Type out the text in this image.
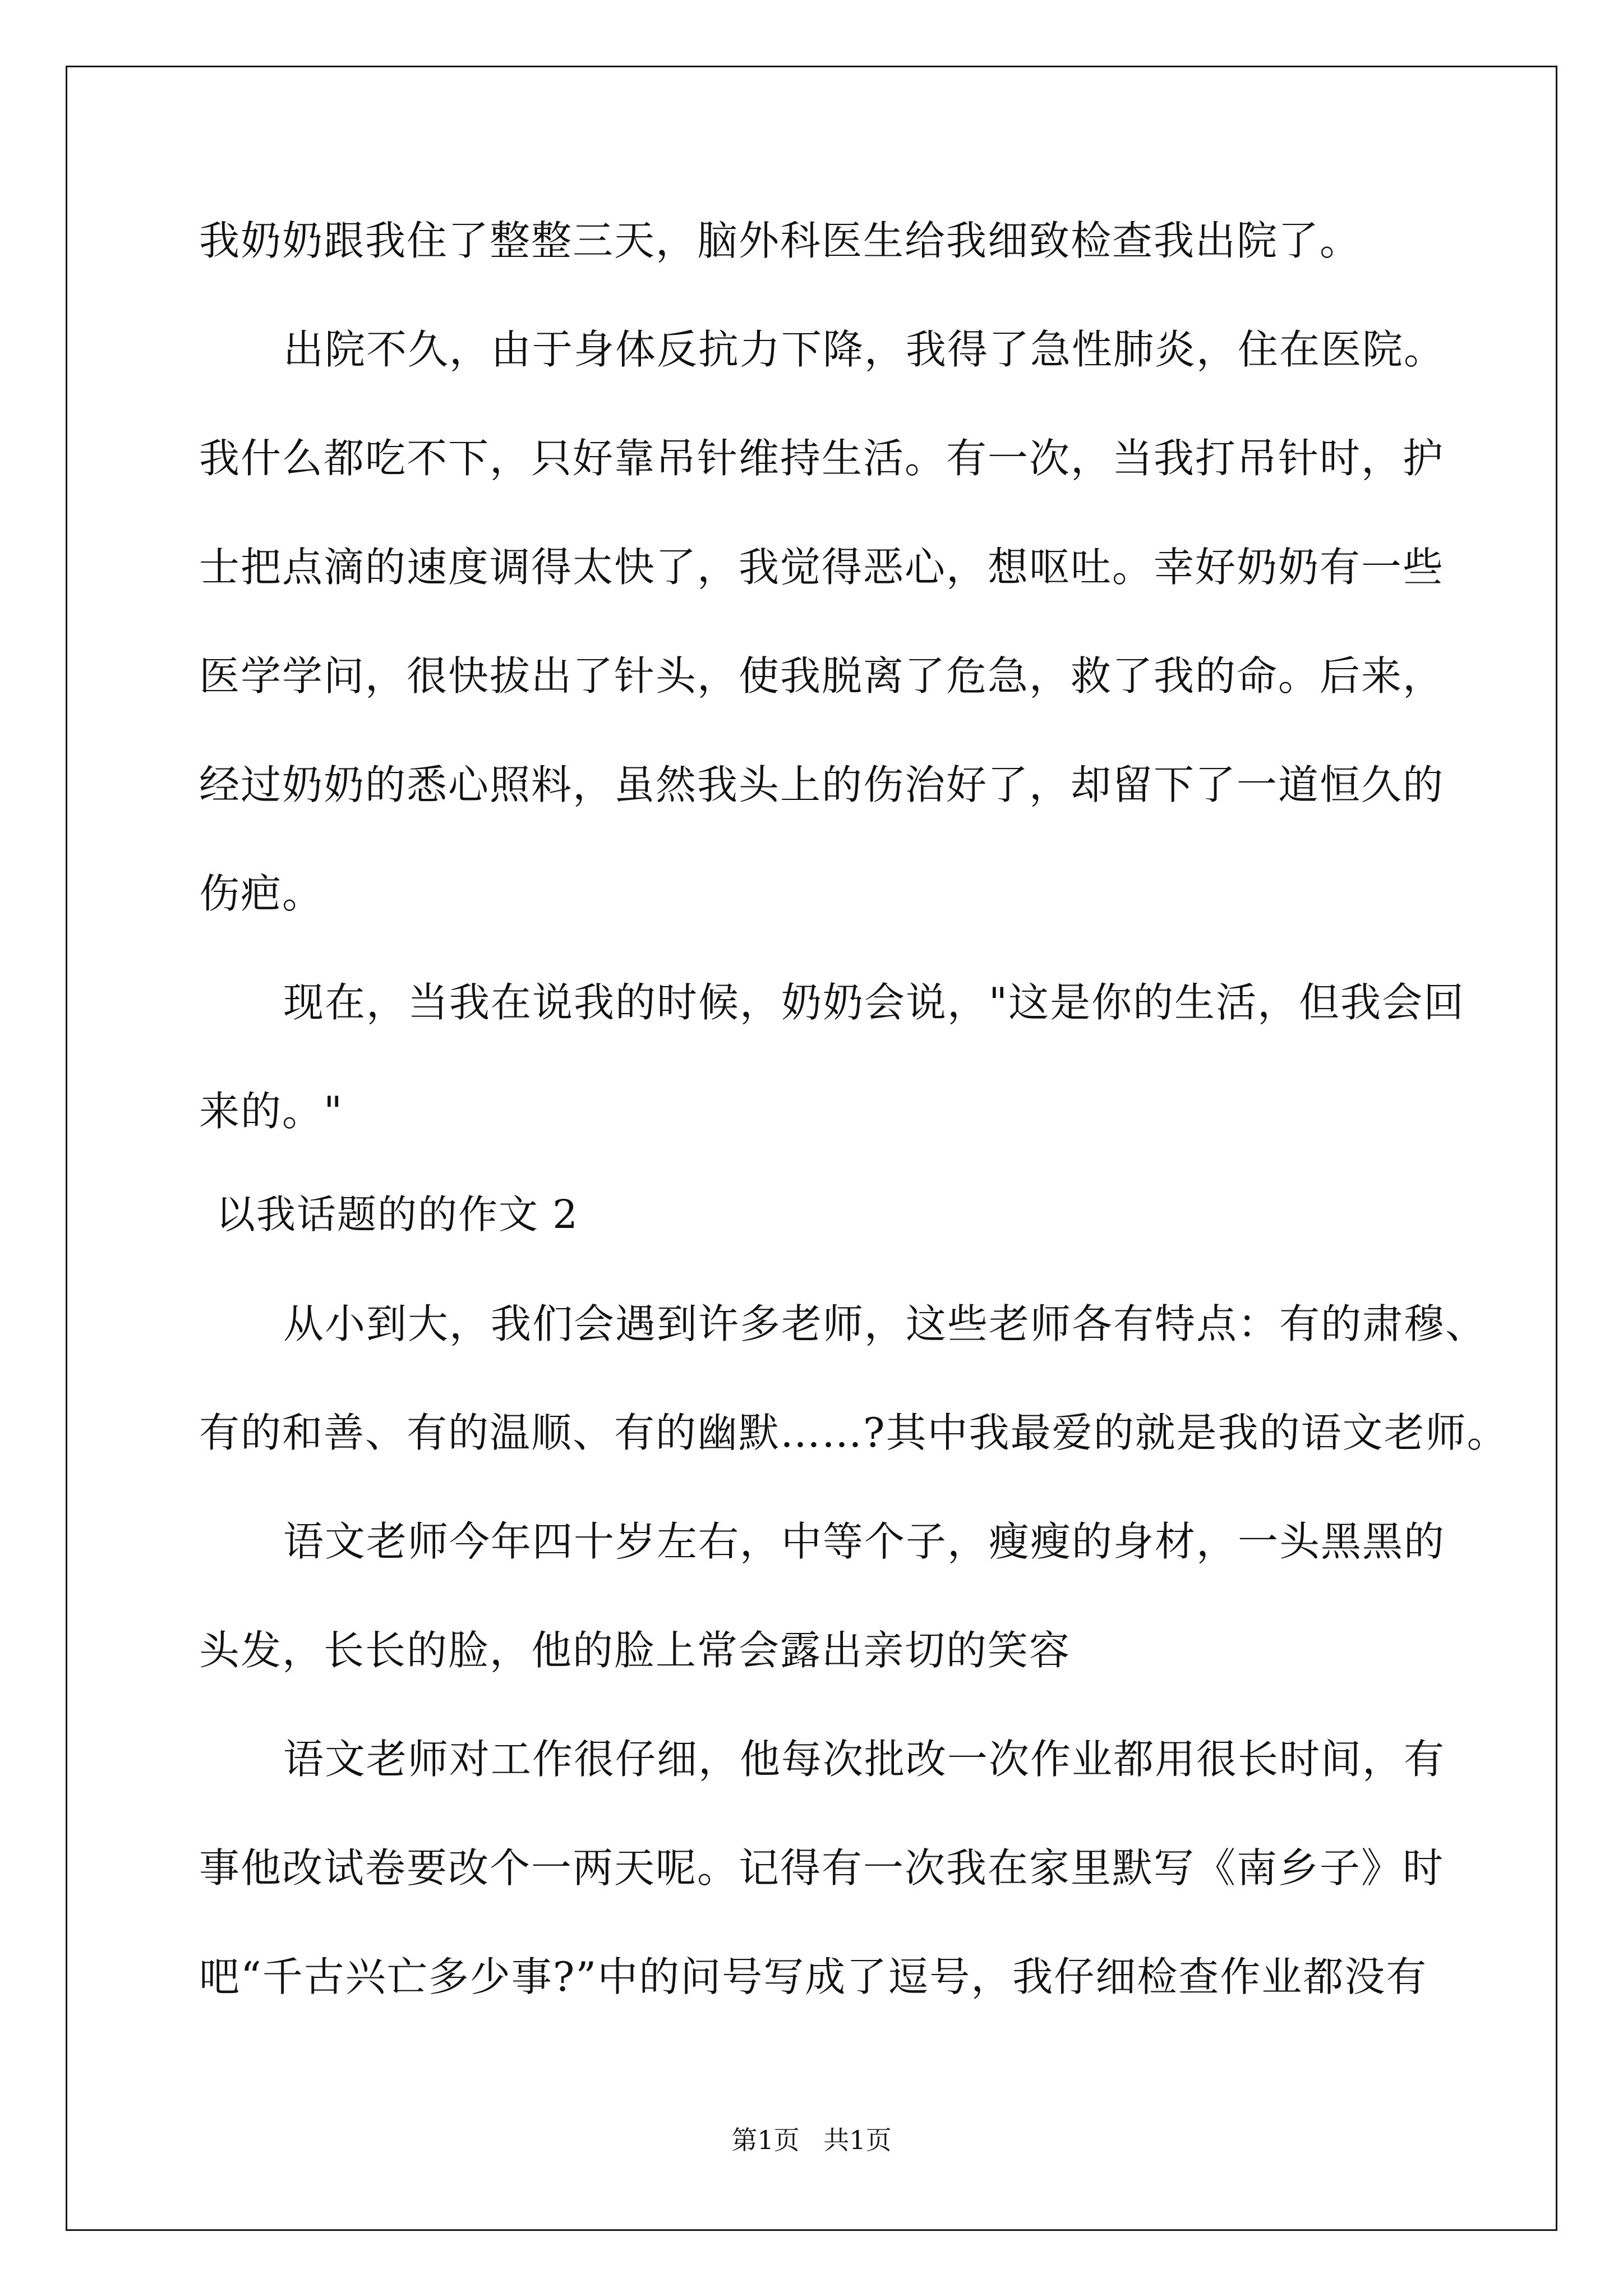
我奶奶跟我住了整整三天，脑外科医生给我细致检查我出院了。
出院不久，由于身体反抗力下降，我得了急性肺炎，住在医院。
我什么都吃不下，只好靠吊针维持生活。有一次，当我打吊针时，护
士把点滴的速度调得太快了，我觉得恶心，想呕吐。幸好奶奶有一些
医学学问，很快拔出了针头，使我脱离了危急，救了我的命。后来，
经过奶奶的悉心照料，虽然我头上的伤治好了，却留下了一道恒久的
伤疤。
现在，当我在说我的时候，奶奶会说，"这是你的生活，但我会回
来的。"
以我话题的的作文 2
从小到大，我们会遇到许多老师，这些老师各有特点：有的肃穆、
有的和善、有的温顺、有的幽默……?其中我最爱的就是我的语文老师。
语文老师今年四十岁左右，中等个子，瘦瘦的身材，一头黑黑的
头发，长长的脸，他的脸上常会露出亲切的笑容
语文老师对工作很仔细，他每次批改一次作业都用很长时间，有
事他改试卷要改个一两天呢。记得有一次我在家里默写《南乡子》时
吧“千古兴亡多少事?”中的问号写成了逗号，我仔细检查作业都没有
第1页 共1页
